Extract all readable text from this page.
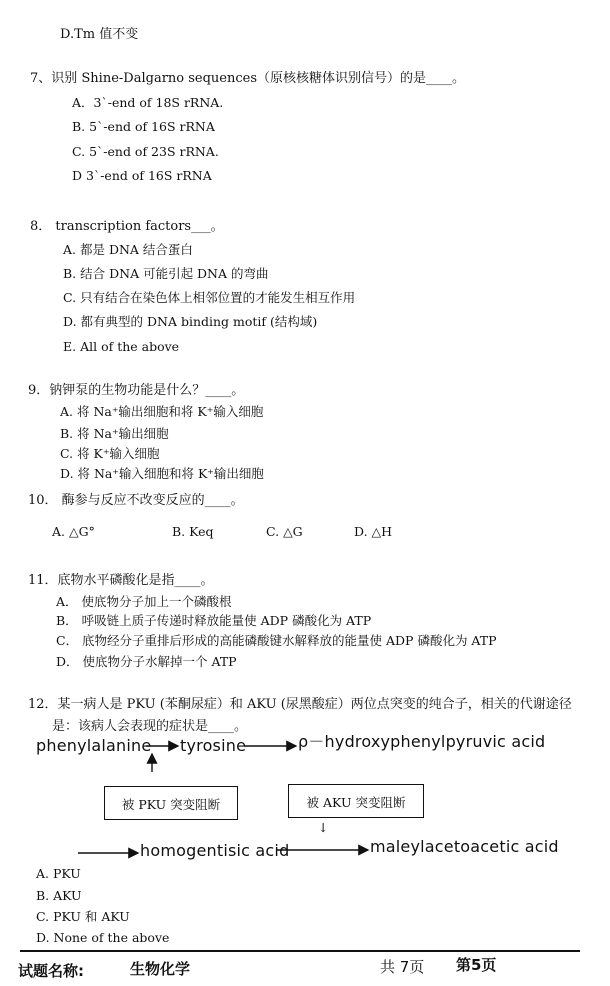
D.Tm 值不变
7、识别 Shine-Dalgarno sequences（原核核糖体识别信号）的是____。
A．3`-end of 18S rRNA.
B. 5`-end of 16S rRNA
C. 5`-end of 23S rRNA.
D 3`-end of 16S rRNA
8． transcription factors___。
A. 都是 DNA 结合蛋白
B. 结合 DNA 可能引起 DNA 的弯曲
C. 只有结合在染色体上相邻位置的才能发生相互作用
D. 都有典型的 DNA binding motif (结构域)
E. All of the above
9．钠钾泵的生物功能是什么？____。
A. 将 Na⁺输出细胞和将 K⁺输入细胞
B. 将 Na⁺输出细胞
C. 将 K⁺输入细胞
D. 将 Na⁺输入细胞和将 K⁺输出细胞
10． 酶参与反应不改变反应的____。
A. △G°	B. Keq	C. △G	D. △H
11．底物水平磷酸化是指____。
A． 使底物分子加上一个磷酸根
B． 呼吸链上质子传递时释放能量使 ADP 磷酸化为 ATP
C． 底物经分子重排后形成的高能磷酸键水解释放的能量使 ADP 磷酸化为 ATP
D． 使底物分子水解掉一个 ATP
12．某一病人是 PKU (苯酮尿症）和 AKU (尿黑酸症）两位点突变的纯合子，相关的代谢途径
是：该病人会表现的症状是____。
phenylalanine tyrosine	ρ－hydroxyphenylpyruvic acid
homogentisic acid	maleylacetoacetic acid
被 PKU 突变阻断	被 AKU 突变阻断
↓
A. PKU
B. AKU
C. PKU 和 AKU
D. None of the above
试题名称:	生物化学	共 7页 第5页
